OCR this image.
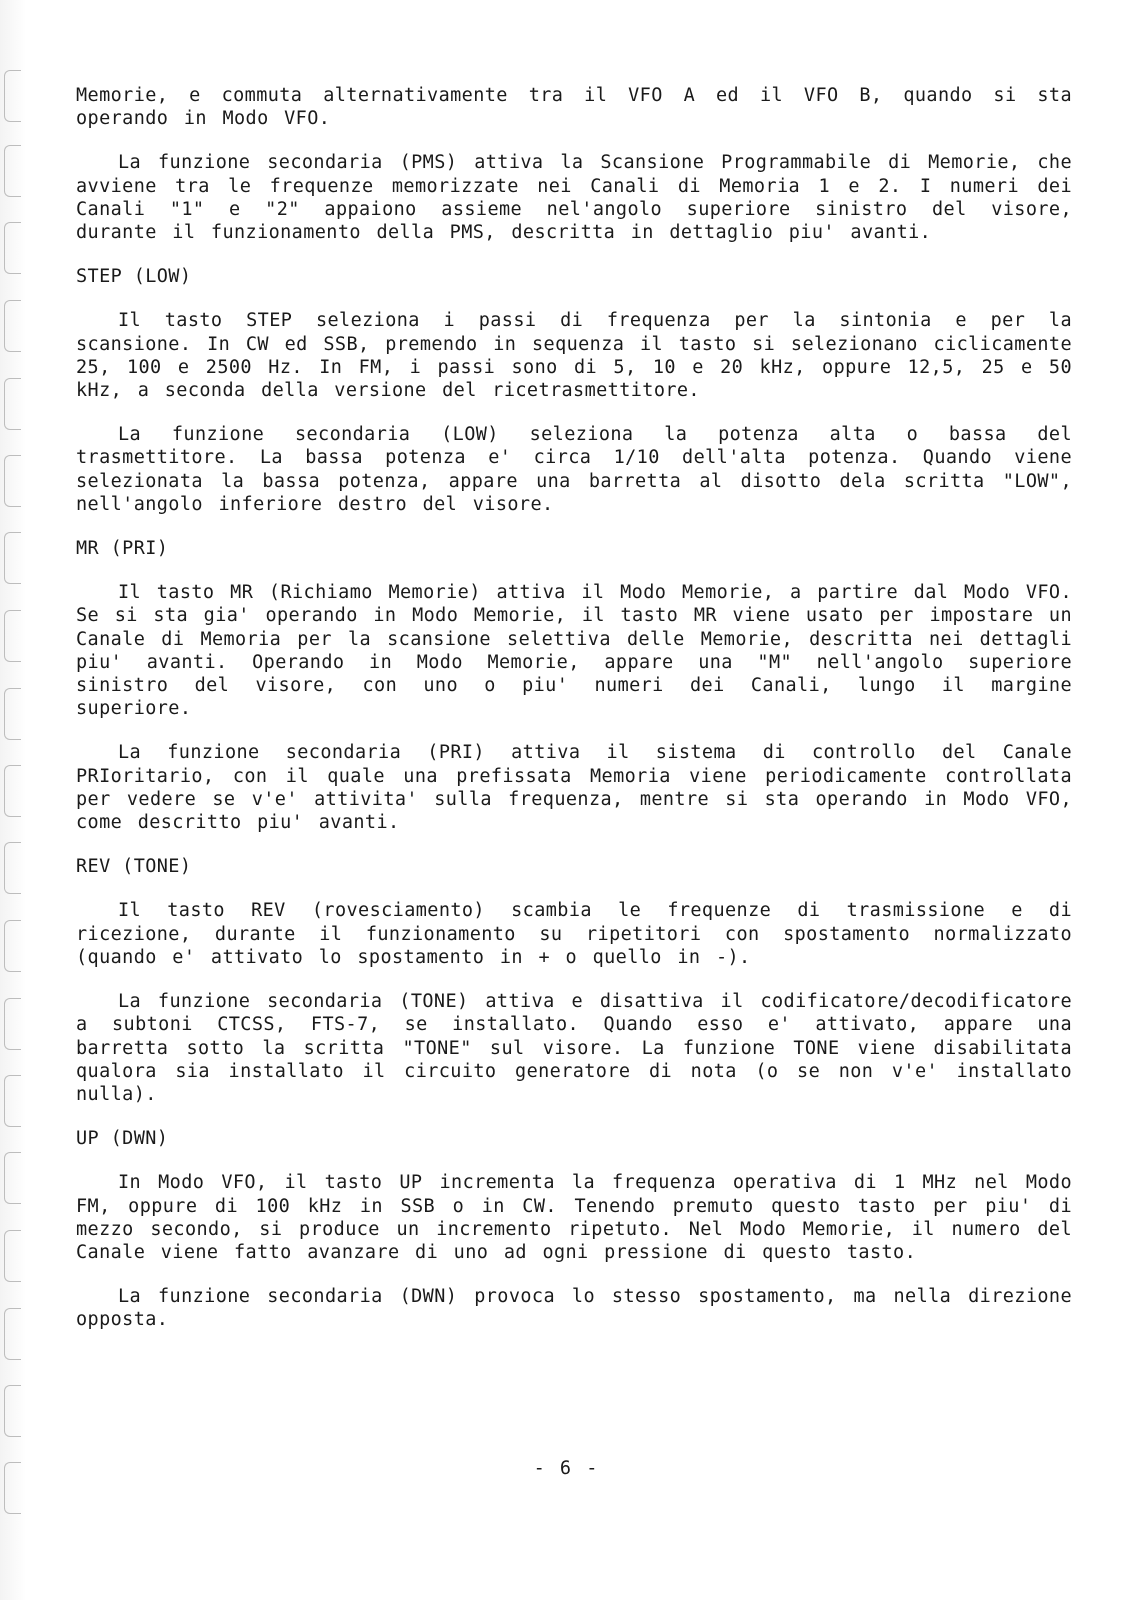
Memorie, e commuta alternativamente tra il VFO A ed il VFO B, quando si sta operando in Modo VFO.

La funzione secondaria (PMS) attiva la Scansione Programmabile di Memorie, che avviene tra le frequenze memorizzate nei Canali di Memoria 1 e 2. I numeri dei Canali "1" e "2" appaiono assieme nel'angolo superiore sinistro del visore, durante il funzionamento della PMS, descritta in dettaglio piu' avanti.

STEP (LOW)

Il tasto STEP seleziona i passi di frequenza per la sintonia e per la scansione. In CW ed SSB, premendo in sequenza il tasto si selezionano ciclicamente 25, 100 e 2500 Hz. In FM, i passi sono di 5, 10 e 20 kHz, oppure 12,5, 25 e 50 kHz, a seconda della versione del ricetrasmettitore.

La funzione secondaria (LOW) seleziona la potenza alta o bassa del trasmettitore. La bassa potenza e' circa 1/10 dell'alta potenza. Quando viene selezionata la bassa potenza, appare una barretta al disotto dela scritta "LOW", nell'angolo inferiore destro del visore.

MR (PRI)

Il tasto MR (Richiamo Memorie) attiva il Modo Memorie, a partire dal Modo VFO. Se si sta gia' operando in Modo Memorie, il tasto MR viene usato per impostare un Canale di Memoria per la scansione selettiva delle Memorie, descritta nei dettagli piu' avanti. Operando in Modo Memorie, appare una "M" nell'angolo superiore sinistro del visore, con uno o piu' numeri dei Canali, lungo il margine superiore.

La funzione secondaria (PRI) attiva il sistema di controllo del Canale PRIoritario, con il quale una prefissata Memoria viene periodicamente controllata per vedere se v'e' attivita' sulla frequenza, mentre si sta operando in Modo VFO, come descritto piu' avanti.

REV (TONE)

Il tasto REV (rovesciamento) scambia le frequenze di trasmissione e di ricezione, durante il funzionamento su ripetitori con spostamento normalizzato (quando e' attivato lo spostamento in + o quello in -).

La funzione secondaria (TONE) attiva e disattiva il codificatore/decodificatore a subtoni CTCSS, FTS-7, se installato. Quando esso e' attivato, appare una barretta sotto la scritta "TONE" sul visore. La funzione TONE viene disabilitata qualora sia installato il circuito generatore di nota (o se non v'e' installato nulla).

UP (DWN)

In Modo VFO, il tasto UP incrementa la frequenza operativa di 1 MHz nel Modo FM, oppure di 100 kHz in SSB o in CW. Tenendo premuto questo tasto per piu' di mezzo secondo, si produce un incremento ripetuto. Nel Modo Memorie, il numero del Canale viene fatto avanzare di uno ad ogni pressione di questo tasto.

La funzione secondaria (DWN) provoca lo stesso spostamento, ma nella direzione opposta.

- 6 -
